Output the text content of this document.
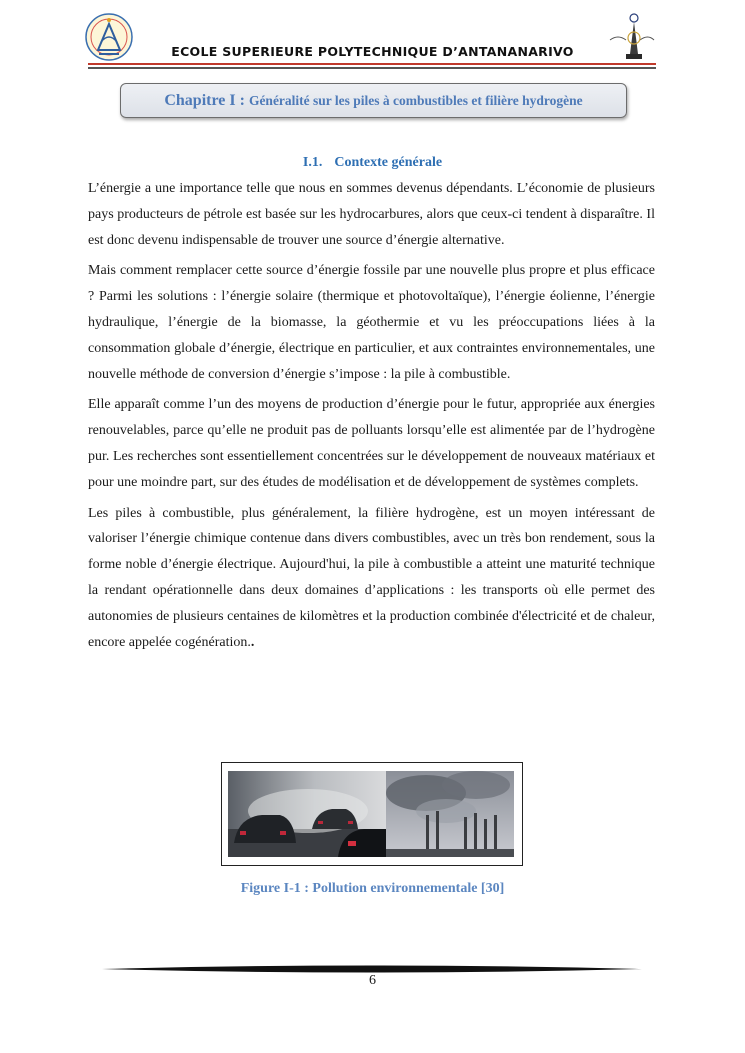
ECOLE SUPERIEURE POLYTECHNIQUE D’ANTANANARIVO
Chapitre I : Généralité sur les piles à combustibles et filière hydrogène
I.1. Contexte générale

L’énergie a une importance telle que nous en sommes devenus dépendants. L’économie de plusieurs pays producteurs de pétrole est basée sur les hydrocarbures, alors que ceux-ci tendent à disparaître. Il est donc devenu indispensable de trouver une source d’énergie alternative.

Mais comment remplacer cette source d’énergie fossile par une nouvelle plus propre et plus efficace ? Parmi les solutions : l’énergie solaire (thermique et photovoltaïque), l’énergie éolienne, l’énergie hydraulique, l’énergie de la biomasse, la géothermie et vu les préoccupations liées à la consommation globale d’énergie, électrique en particulier, et aux contraintes environnementales, une nouvelle méthode de conversion d’énergie s’impose : la pile à combustible.

Elle apparaît comme l’un des moyens de production d’énergie pour le futur, appropriée aux énergies renouvelables, parce qu’elle ne produit pas de polluants lorsqu’elle est alimentée par de l’hydrogène pur. Les recherches sont essentiellement concentrées sur le développement de nouveaux matériaux et pour une moindre part, sur des études de modélisation et de développement de systèmes complets.

Les piles à combustible, plus généralement, la filière hydrogène, est un moyen intéressant de valoriser l’énergie chimique contenue dans divers combustibles, avec un très bon rendement, sous la forme noble d’énergie électrique. Aujourd'hui, la pile à combustible a atteint une maturité technique la rendant opérationnelle dans deux domaines d’applications : les transports où elle permet des autonomies de plusieurs centaines de kilomètres et la production combinée d'électricité et de chaleur, encore appelée cogénération..

Figure I-1 : Pollution environnementale [30]
6
